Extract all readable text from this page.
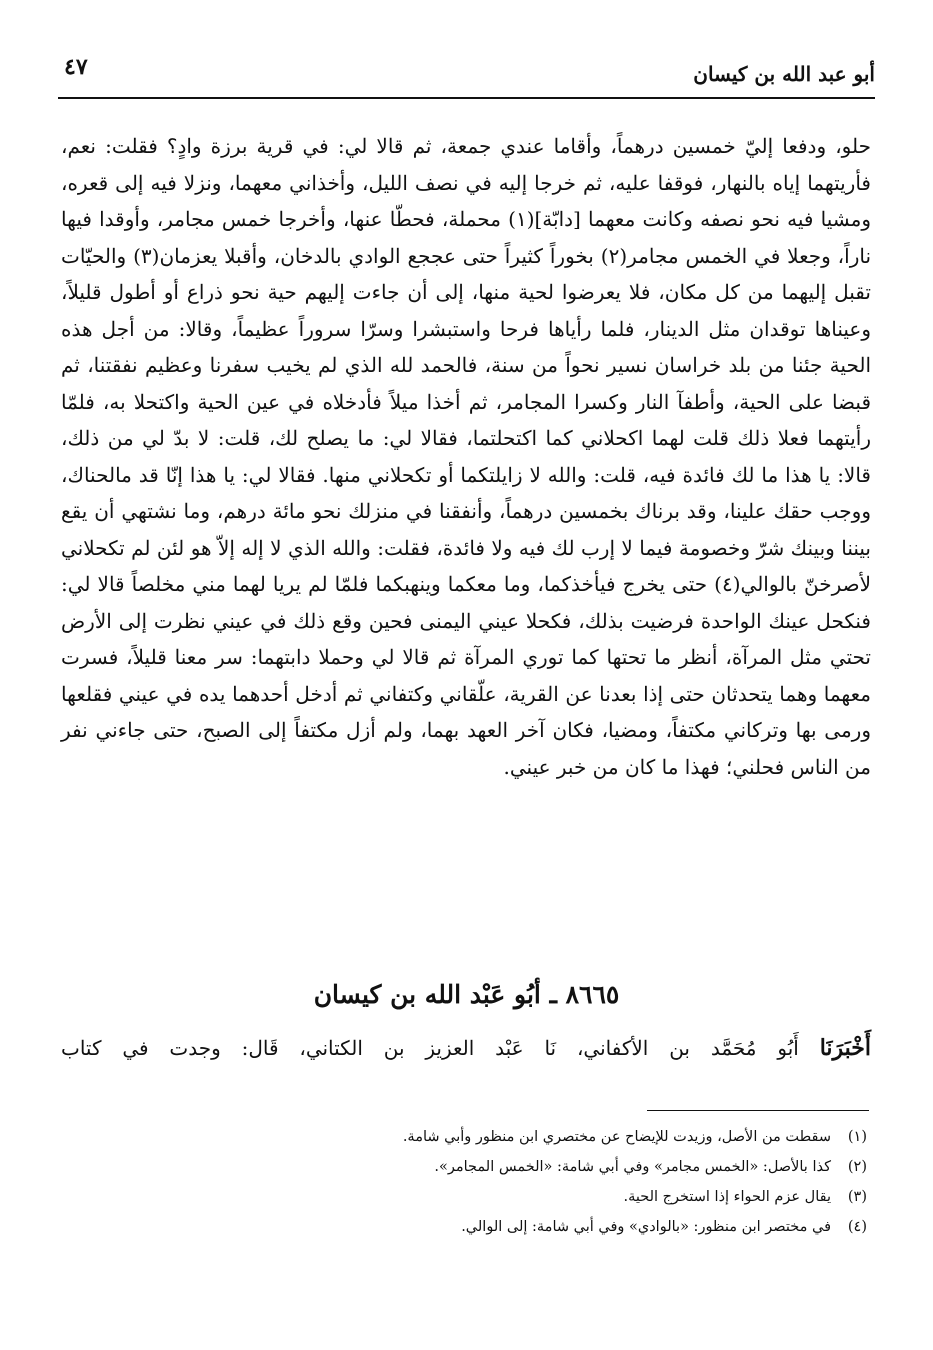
أبو عبد الله بن كيسان
٤٧

حلو، ودفعا إليّ خمسين درهماً، وأقاما عندي جمعة، ثم قالا لي: في قرية برزة وادٍ؟ فقلت: نعم، فأريتهما إياه بالنهار، فوقفا عليه، ثم خرجا إليه في نصف الليل، وأخذاني معهما، ونزلا فيه إلى قعره، ومشيا فيه نحو نصفه وكانت معهما [دابّة](١) محملة، فحطّا عنها، وأخرجا خمس مجامر، وأوقدا فيها ناراً، وجعلا في الخمس مجامر(٢) بخوراً كثيراً حتى عججع الوادي بالدخان، وأقبلا يعزمان(٣) والحيّات تقبل إليهما من كل مكان، فلا يعرضوا لحية منها، إلى أن جاءت إليهم حية نحو ذراع أو أطول قليلاً، وعيناها توقدان مثل الدينار، فلما رأياها فرحا واستبشرا وسرّا سروراً عظيماً، وقالا: من أجل هذه الحية جئنا من بلد خراسان نسير نحواً من سنة، فالحمد لله الذي لم يخيب سفرنا وعظيم نفقتنا، ثم قبضا على الحية، وأطفآ النار وكسرا المجامر، ثم أخذا ميلاً فأدخلاه في عين الحية واكتحلا به، فلمّا رأيتهما فعلا ذلك قلت لهما اكحلاني كما اكتحلتما، فقالا لي: ما يصلح لك، قلت: لا بدّ لي من ذلك، قالا: يا هذا ما لك فائدة فيه، قلت: والله لا زايلتكما أو تكحلاني منها. فقالا لي: يا هذا إنّا قد مالحناك، ووجب حقك علينا، وقد برناك بخمسين درهماً، وأنفقنا في منزلك نحو مائة درهم، وما نشتهي أن يقع بيننا وبينك شرّ وخصومة فيما لا إرب لك فيه ولا فائدة، فقلت: والله الذي لا إله إلاّ هو لئن لم تكحلاني لأصرخنّ بالوالي(٤) حتى يخرج فيأخذكما، وما معكما وينهبكما فلمّا لم يريا لهما مني مخلصاً قالا لي: فنكحل عينك الواحدة فرضيت بذلك، فكحلا عيني اليمنى فحين وقع ذلك في عيني نظرت إلى الأرض تحتي مثل المرآة، أنظر ما تحتها كما توري المرآة ثم قالا لي وحملا دابتهما: سر معنا قليلاً، فسرت معهما وهما يتحدثان حتى إذا بعدنا عن القرية، علّقاني وكتفاني ثم أدخل أحدهما يده في عيني فقلعها ورمى بها وتركاني مكتفاً، ومضيا، فكان آخر العهد بهما، ولم أزل مكتفاً إلى الصبح، حتى جاءني نفر من الناس فحلني؛ فهذا ما كان من خبر عيني.

٨٦٦٥ ـ أبُو عَبْد الله بن كيسان
أَخْبَرَنَا أَبُو مُحَمَّد بن الأكفاني، نَا عَبْد العزيز بن الكتاني، قَال: وجدت في كتاب
(١)سقطت من الأصل، وزيدت للإيضاح عن مختصري ابن منظور وأبي شامة.
(٢)كذا بالأصل: «الخمس مجامر» وفي أبي شامة: «الخمس المجامر».
(٣)يقال عزم الحواء إذا استخرج الحية.
(٤)في مختصر ابن منظور: «بالوادي» وفي أبي شامة: إلى الوالي.
